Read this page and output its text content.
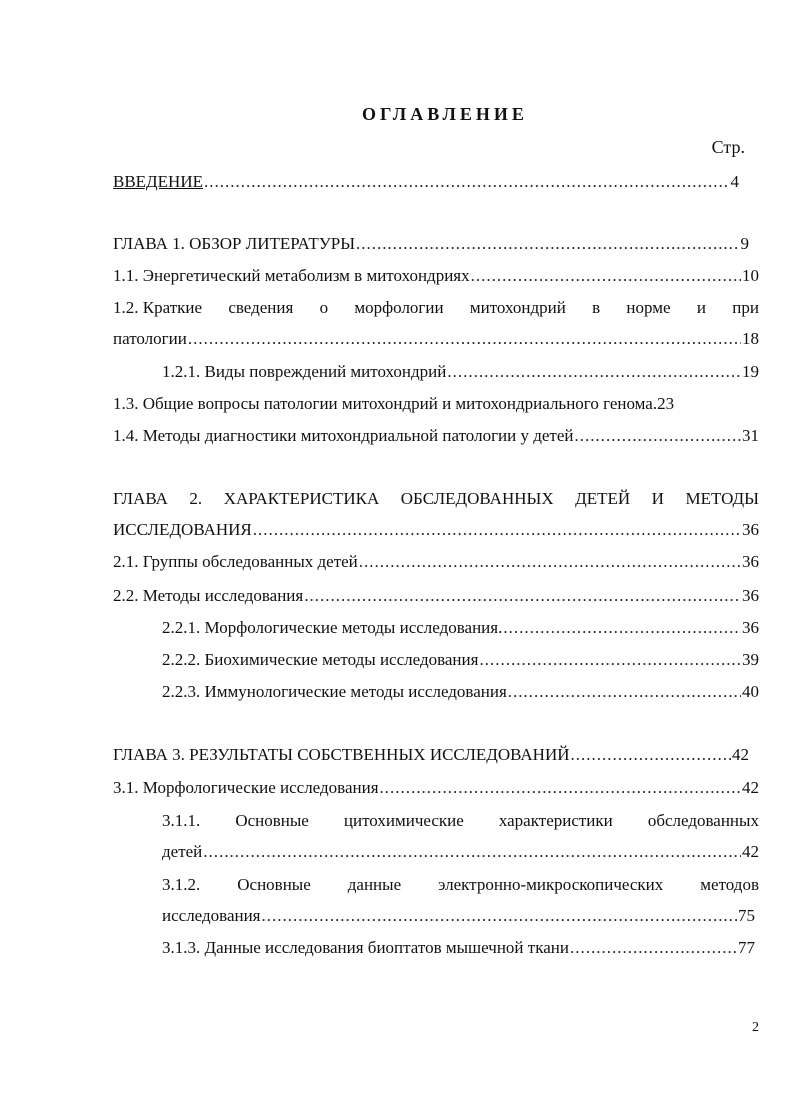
ОГЛАВЛЕНИЕ
Стр.
ВВЕДЕНИЕ .....	4
ГЛАВА 1. ОБЗОР ЛИТЕРАТУРЫ .....	9
1.1. Энергетический метаболизм в митохондриях .....	10
1.2. Краткие сведения о морфологии митохондрий в норме и при
патологии .....	18
1.2.1. Виды повреждений митохондрий .....	19
1.3. Общие вопросы патологии митохондрий и митохондриального генома. 23
1.4. Методы диагностики митохондриальной патологии у детей .....	31
ГЛАВА 2. ХАРАКТЕРИСТИКА ОБСЛЕДОВАННЫХ ДЕТЕЙ И МЕТОДЫ
ИССЛЕДОВАНИЯ .....	36
2.1. Группы обследованных детей .....	36
2.2. Методы исследования .....	36
2.2.1. Морфологические методы исследования. .....	36
2.2.2. Биохимические методы исследования .....	39
2.2.3. Иммунологические методы исследования .....	40
ГЛАВА 3. РЕЗУЛЬТАТЫ СОБСТВЕННЫХ ИССЛЕДОВАНИЙ .....	42
3.1. Морфологические исследования .....	42
3.1.1. Основные цитохимические характеристики обследованных
детей .....	42
3.1.2. Основные данные электронно-микроскопических методов
исследования .....	75
3.1.3. Данные исследования биоптатов мышечной ткани .....	77
2
